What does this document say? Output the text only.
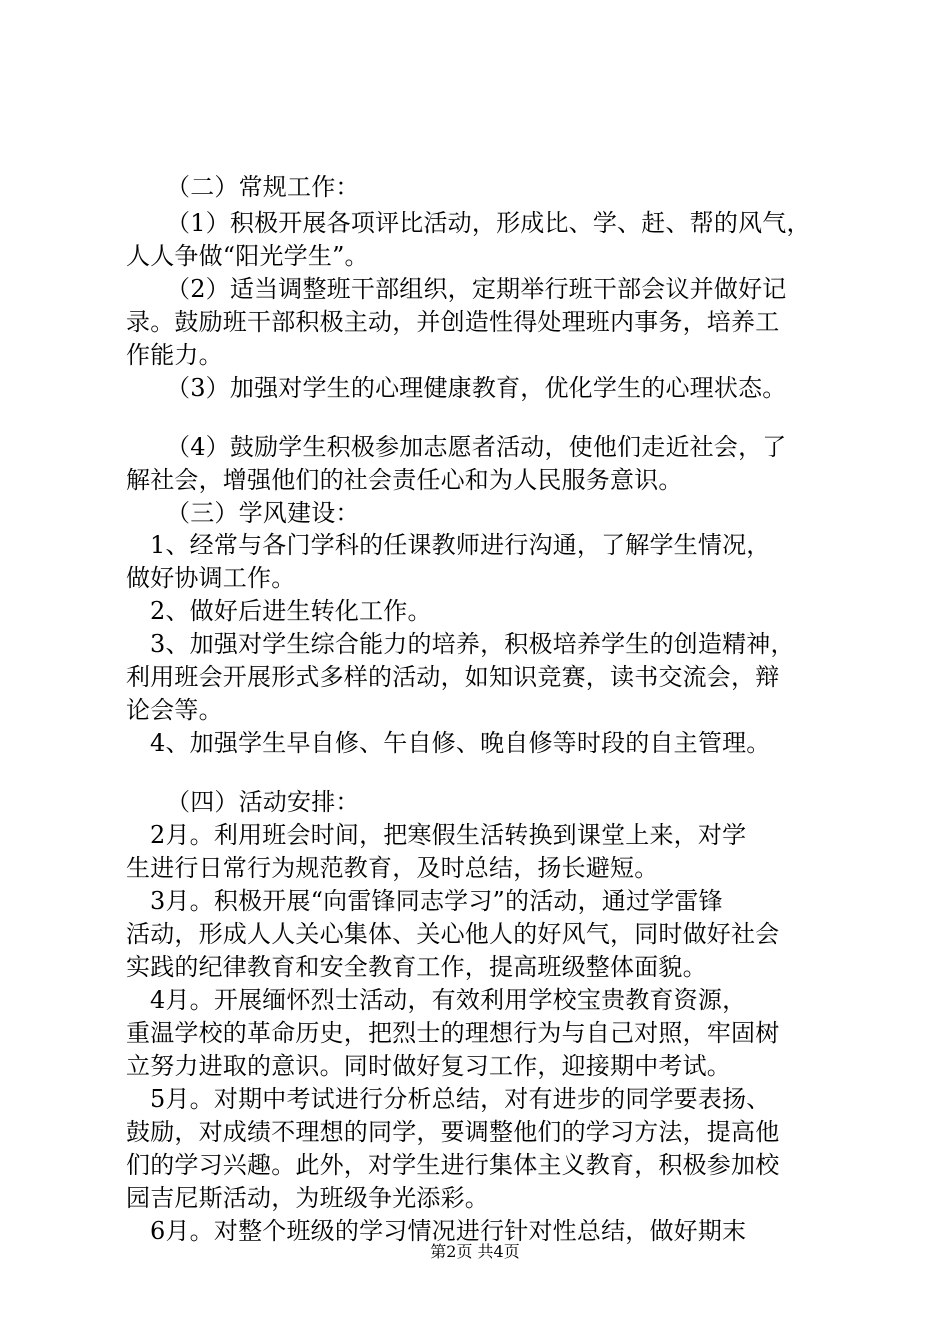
（二）常规工作：
（1）积极开展各项评比活动，形成比、学、赶、帮的风气，
人人争做“阳光学生”。
（2）适当调整班干部组织，定期举行班干部会议并做好记
录。鼓励班干部积极主动，并创造性得处理班内事务，培养工
作能力。
（3）加强对学生的心理健康教育，优化学生的心理状态。
（4）鼓励学生积极参加志愿者活动，使他们走近社会，了
解社会，增强他们的社会责任心和为人民服务意识。
（三）学风建设：
1、经常与各门学科的任课教师进行沟通，了解学生情况，
做好协调工作。
2、做好后进生转化工作。
3、加强对学生综合能力的培养，积极培养学生的创造精神，
利用班会开展形式多样的活动，如知识竞赛，读书交流会，辩
论会等。
4、加强学生早自修、午自修、晚自修等时段的自主管理。
（四）活动安排：
2月。利用班会时间，把寒假生活转换到课堂上来，对学
生进行日常行为规范教育，及时总结，扬长避短。
3月。积极开展“向雷锋同志学习”的活动，通过学雷锋
活动，形成人人关心集体、关心他人的好风气，同时做好社会
实践的纪律教育和安全教育工作，提高班级整体面貌。
4月。开展缅怀烈士活动，有效利用学校宝贵教育资源，
重温学校的革命历史，把烈士的理想行为与自己对照，牢固树
立努力进取的意识。同时做好复习工作，迎接期中考试。
5月。对期中考试进行分析总结，对有进步的同学要表扬、
鼓励，对成绩不理想的同学，要调整他们的学习方法，提高他
们的学习兴趣。此外，对学生进行集体主义教育，积极参加校
园吉尼斯活动，为班级争光添彩。
6月。对整个班级的学习情况进行针对性总结，做好期末
第2页 共4页
